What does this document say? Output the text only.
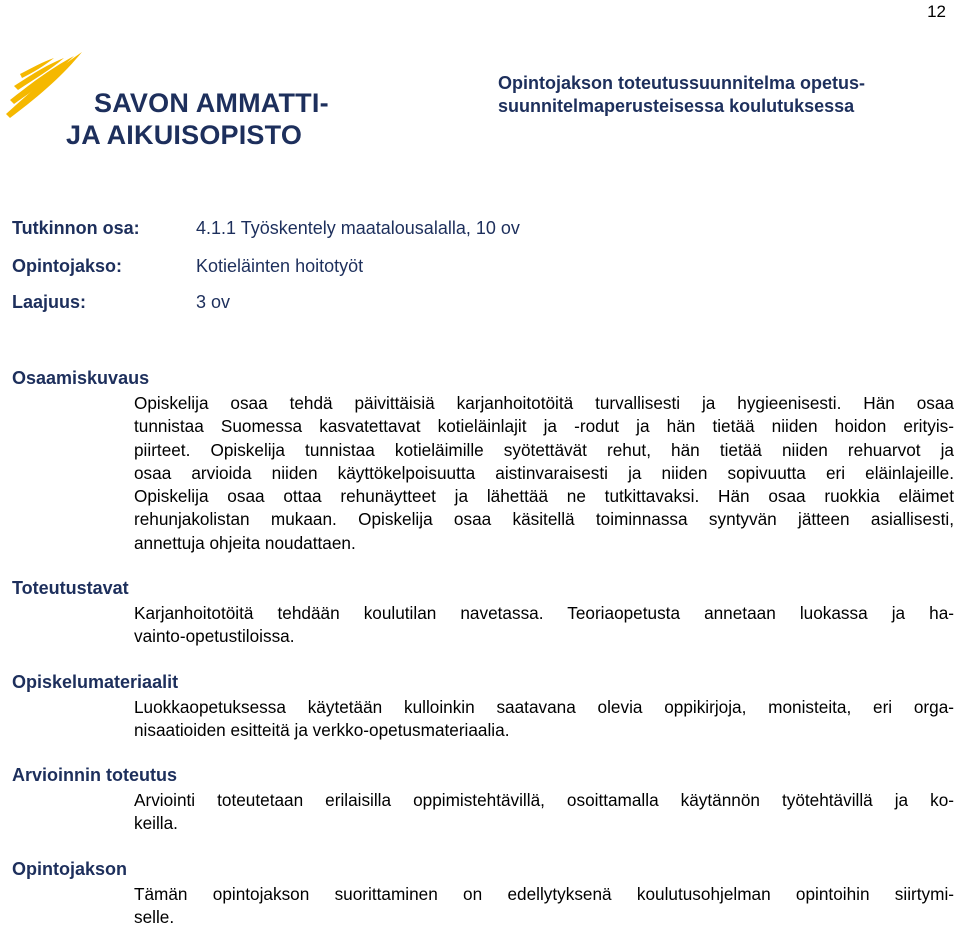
12
SAVON AMMATTI-
JA AIKUISOPISTO
Opintojakson toteutussuunnitelma opetus-
suunnitelmaperusteisessa koulutuksessa
Tutkinnon osa:	4.1.1 Työskentely maatalousalalla, 10 ov
Opintojakso:	Kotieläinten hoitotyöt
Laajuus:	3 ov
Osaamiskuvaus
Opiskelija osaa tehdä päivittäisiä karjanhoitotöitä turvallisesti ja hygieenisesti. Hän osaa
tunnistaa Suomessa kasvatettavat kotieläinlajit ja -rodut ja hän tietää niiden hoidon erityis-
piirteet. Opiskelija tunnistaa kotieläimille syötettävät rehut, hän tietää niiden rehuarvot ja
osaa arvioida niiden käyttökelpoisuutta aistinvaraisesti ja niiden sopivuutta eri eläinlajeille.
Opiskelija osaa ottaa rehunäytteet ja lähettää ne tutkittavaksi. Hän osaa ruokkia eläimet
rehunjakolistan mukaan. Opiskelija osaa käsitellä toiminnassa syntyvän jätteen asiallisesti,
annettuja ohjeita noudattaen.
Toteutustavat
Karjanhoitotöitä tehdään koulutilan navetassa. Teoriaopetusta annetaan luokassa ja ha-
vainto-opetustiloissa.
Opiskelumateriaalit
Luokkaopetuksessa käytetään kulloinkin saatavana olevia oppikirjoja, monisteita, eri orga-
nisaatioiden esitteitä ja verkko-opetusmateriaalia.
Arvioinnin toteutus
Arviointi toteutetaan erilaisilla oppimistehtävillä, osoittamalla käytännön työtehtävillä ja ko-
keilla.
Opintojakson
Tämän opintojakson suorittaminen on edellytyksenä koulutusohjelman opintoihin siirtymi-
selle.
